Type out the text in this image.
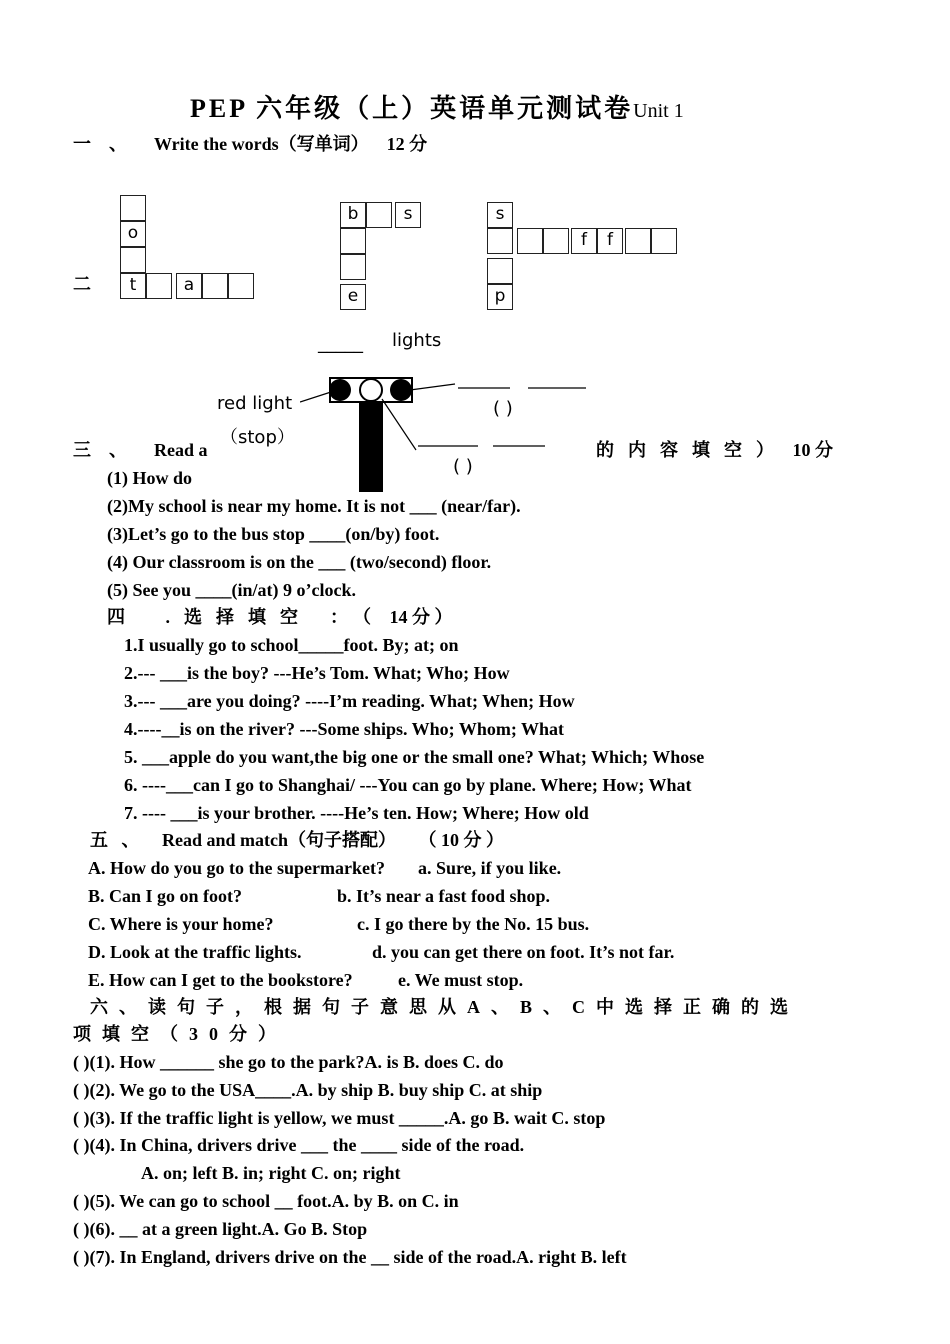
PEP 六年级（上）英语单元测试卷Unit 1
一 、 Write the words（写单词） 12 分
二
o
t	a
b	s
e
s
f	f
p
_____ lights
red light
（stop）
( )
( )
三 、 Read a	的内容填空） 10 分
(1) How do
(2)My school is near my home. It is not ___ (near/far).
(3)Let’s go to the bus stop ____(on/by) foot.
(4) Our classroom is on the ___ (two/second) floor.
(5) See you ____(in/at) 9 o’clock.
四 .选择填空 ：（ 14 分 ）
1.I usually go to school_____foot. By; at; on
2.--- ___is the boy? ---He’s Tom. What; Who; How
3.--- ___are you doing? ----I’m reading. What; When; How
4.----__is on the river? ---Some ships. Who; Whom; What
5. ___apple do you want,the big one or the small one? What; Which; Whose
6. ----___can I go to Shanghai/ ---You can go by plane. Where; How; What
7. ---- ___is your brother. ----He’s ten. How; Where; How old
五 、 Read and match（句子搭配） （ 10 分 ）
A. How do you go to the supermarket? a. Sure, if you like.
B. Can I go on foot?	b. It’s near a fast food shop.
C. Where is your home?	c. I go there by the No. 15 bus.
D. Look at the traffic lights.	d. you can get there on foot. It’s not far.
E. How can I get to the bookstore?	e. We must stop.
六、读句子，根据句子意思从A、B、C中选择正确的选
项填空（30分）
( )(1). How ______ she go to the park?A. is B. does C. do
( )(2). We go to the USA____.A. by ship B. buy ship C. at ship
( )(3). If the traffic light is yellow, we must _____.A. go B. wait C. stop
( )(4). In China, drivers drive ___ the ____ side of the road.
A. on; left B. in; right C. on; right
( )(5). We can go to school __ foot.A. by B. on C. in
( )(6). __ at a green light.A. Go B. Stop
( )(7). In England, drivers drive on the __ side of the road.A. right B. left
